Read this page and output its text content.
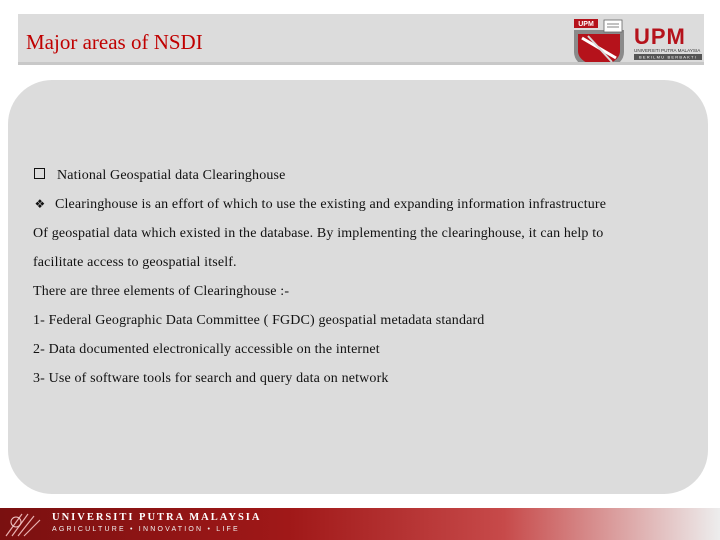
Major areas of NSDI
UPM UPM
UNIVERSITI PUTRA MALAYSIA
BERILMU BERBAKTI
National Geospatial data Clearinghouse
❖ Clearinghouse is an effort of which to use the existing and expanding information infrastructure
Of geospatial data which existed in the database. By implementing the clearinghouse, it can help to
facilitate access to geospatial itself.
There are three elements of Clearinghouse :-
1- Federal Geographic Data Committee ( FGDC) geospatial metadata standard
2- Data documented electronically accessible on the internet
3- Use of software tools for search and query data on network
UNIVERSITI PUTRA MALAYSIA
AGRICULTURE • INNOVATION • LIFE
